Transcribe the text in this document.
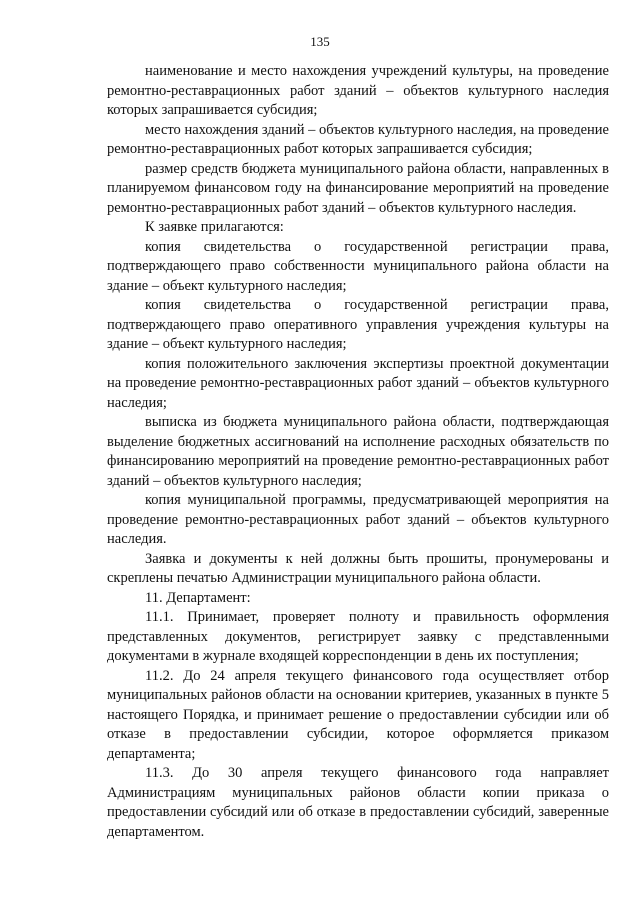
135

наименование и место нахождения учреждений культуры, на проведение ремонтно-реставрационных работ зданий – объектов культурного наследия которых запрашивается субсидия;

место нахождения зданий – объектов культурного наследия, на проведение ремонтно-реставрационных работ которых запрашивается субсидия;

размер средств бюджета муниципального района области, направленных в планируемом финансовом году на финансирование мероприятий на проведение ремонтно-реставрационных работ зданий – объектов культурного наследия.

К заявке прилагаются:

копия свидетельства о государственной регистрации права, подтверждающего право собственности муниципального района области на здание – объект культурного наследия;

копия свидетельства о государственной регистрации права, подтверждающего право оперативного управления учреждения культуры на здание – объект культурного наследия;

копия положительного заключения экспертизы проектной документации на проведение ремонтно-реставрационных работ зданий – объектов культурного наследия;

выписка из бюджета муниципального района области, подтверждающая выделение бюджетных ассигнований на исполнение расходных обязательств по финансированию мероприятий на проведение ремонтно-реставрационных работ зданий – объектов культурного наследия;

копия муниципальной программы, предусматривающей мероприятия на проведение ремонтно-реставрационных работ зданий – объектов культурного наследия.

Заявка и документы к ней должны быть прошиты, пронумерованы и скреплены печатью Администрации муниципального района области.

11. Департамент:

11.1. Принимает, проверяет полноту и правильность оформления представленных документов, регистрирует заявку с представленными документами в журнале входящей корреспонденции в день их поступления;

11.2. До 24 апреля текущего финансового года осуществляет отбор муниципальных районов области на основании критериев, указанных в пункте 5 настоящего Порядка, и принимает решение о предоставлении субсидии или об отказе в предоставлении субсидии, которое оформляется приказом департамента;

11.3. До 30 апреля текущего финансового года направляет Администрациям муниципальных районов области копии приказа о предоставлении субсидий или об отказе в предоставлении субсидий, заверенные департаментом.
